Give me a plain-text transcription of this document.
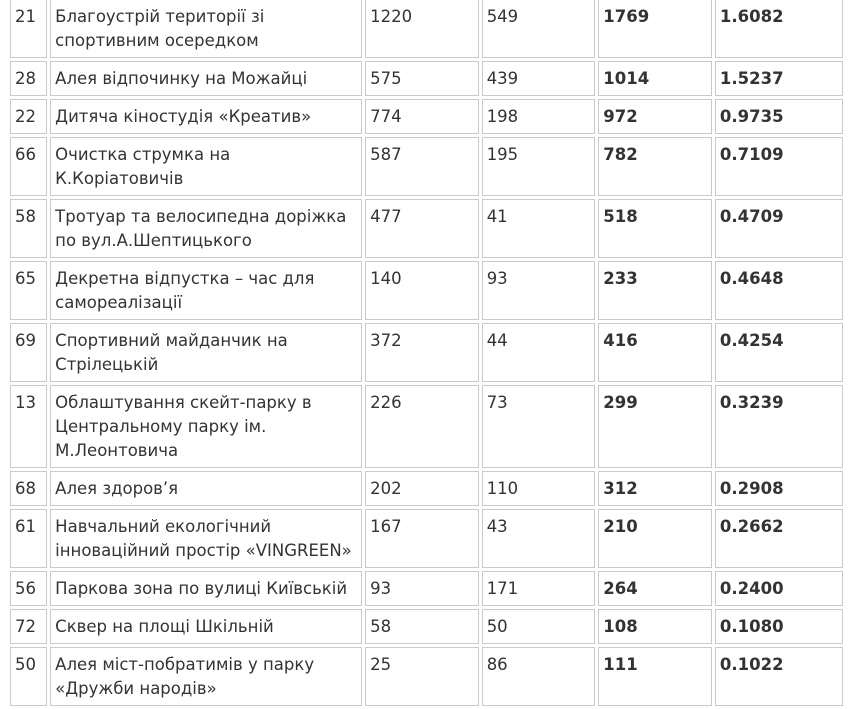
21	Благоустрій території зі спортивним осередком	1220	549	1769	1.6082
28	Алея відпочинку на Можайці	575	439	1014	1.5237
22	Дитяча кіностудія «Креатив»	774	198	972	0.9735
66	Очистка струмка на К.Коріатовичів	587	195	782	0.7109
58	Тротуар та велосипедна доріжка по вул.А.Шептицького	477	41	518	0.4709
65	Декретна відпустка – час для самореалізації	140	93	233	0.4648
69	Спортивний майданчик на Стрілецькій	372	44	416	0.4254
13	Облаштування скейт-парку в Центральному парку ім. М.Леонтовича	226	73	299	0.3239
68	Алея здоров’я	202	110	312	0.2908
61	Навчальний екологічний інноваційний простір «VINGREEN»	167	43	210	0.2662
56	Паркова зона по вулиці Київській	93	171	264	0.2400
72	Сквер на площі Шкільній	58	50	108	0.1080
50	Алея міст-побратимів у парку «Дружби народів»	25	86	111	0.1022
